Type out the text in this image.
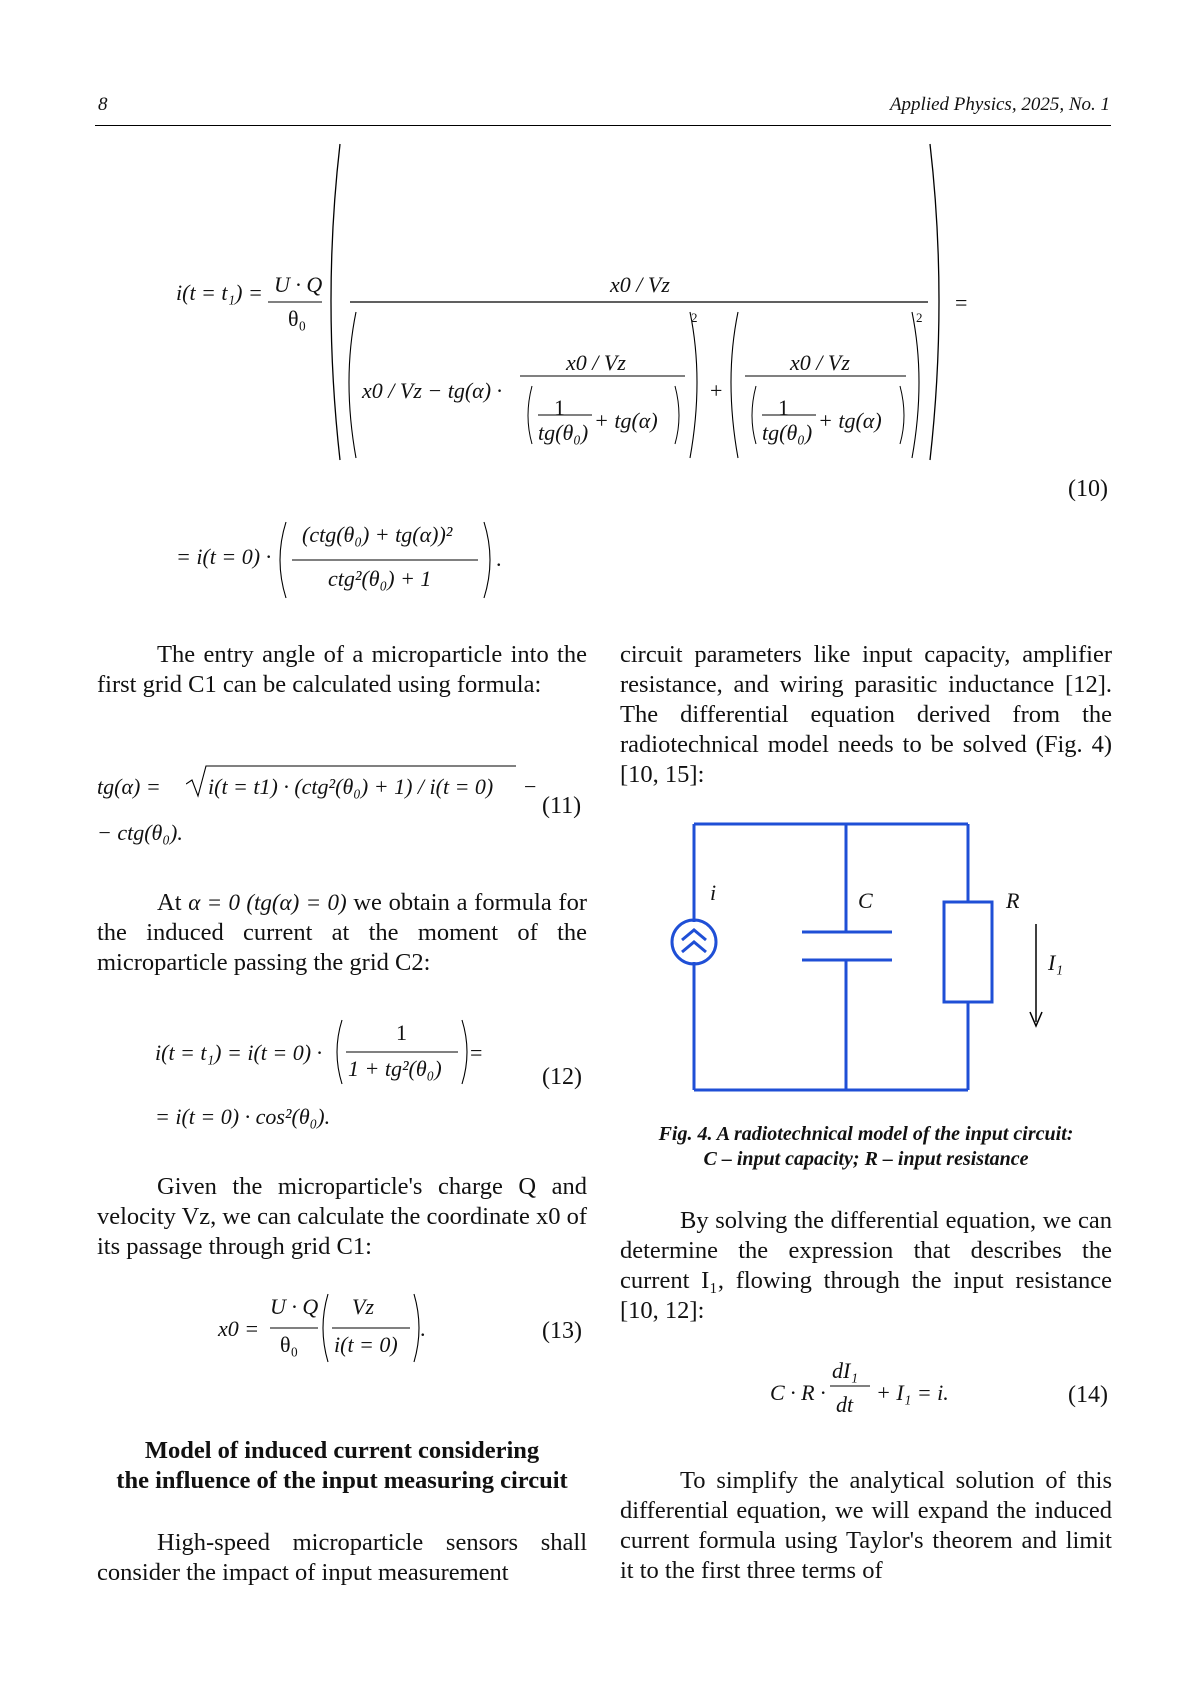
8	Applied Physics, 2025, No. 1
i(t = t₁) = U · Q
θ₀
x0 / Vz
x0 / Vz − tg(α) ·
x0 / Vz
1
tg(θ₀) + tg(α)
2
+
x0 / Vz
1
tg(θ₀) + tg(α)
2
=
(10)
= i(t = 0) ·
(ctg(θ₀) + tg(α))²
ctg²(θ₀) + 1
.
The entry angle of a microparticle into the first grid C1 can be calculated using formula:
tg(α) = i(t = t1) · (ctg²(θ₀) + 1) / i(t = 0) −
− ctg(θ₀).
(11)
At α = 0 (tg(α) = 0) we obtain a formula for the induced current at the moment of the microparticle passing the grid C2:
i(t = t₁) = i(t = 0) ·
1
1 + tg²(θ₀)
=
= i(t = 0) · cos²(θ₀).
(12)
Given the microparticle's charge Q and velocity Vz, we can calculate the coordinate x0 of its passage through grid C1:
x0 =
U · Q
θ₀
Vz
i(t = 0)
.	(13)
Model of induced current considering
the influence of the input measuring circuit
High-speed microparticle sensors shall consider the impact of input measurement
circuit parameters like input capacity, amplifier resistance, and wiring parasitic inductance [12]. The differential equation derived from the radiotechnical model needs to be solved (Fig. 4) [10, 15]:
i	C	R
I₁
Fig. 4. A radiotechnical model of the input circuit:
C – input capacity; R – input resistance
By solving the differential equation, we can determine the expression that describes the current I₁, flowing through the input resistance [10, 12]:
C · R ·
dI₁
dt + I₁ = i.	(14)
To simplify the analytical solution of this differential equation, we will expand the induced current formula using Taylor's theorem and limit it to the first three terms of
